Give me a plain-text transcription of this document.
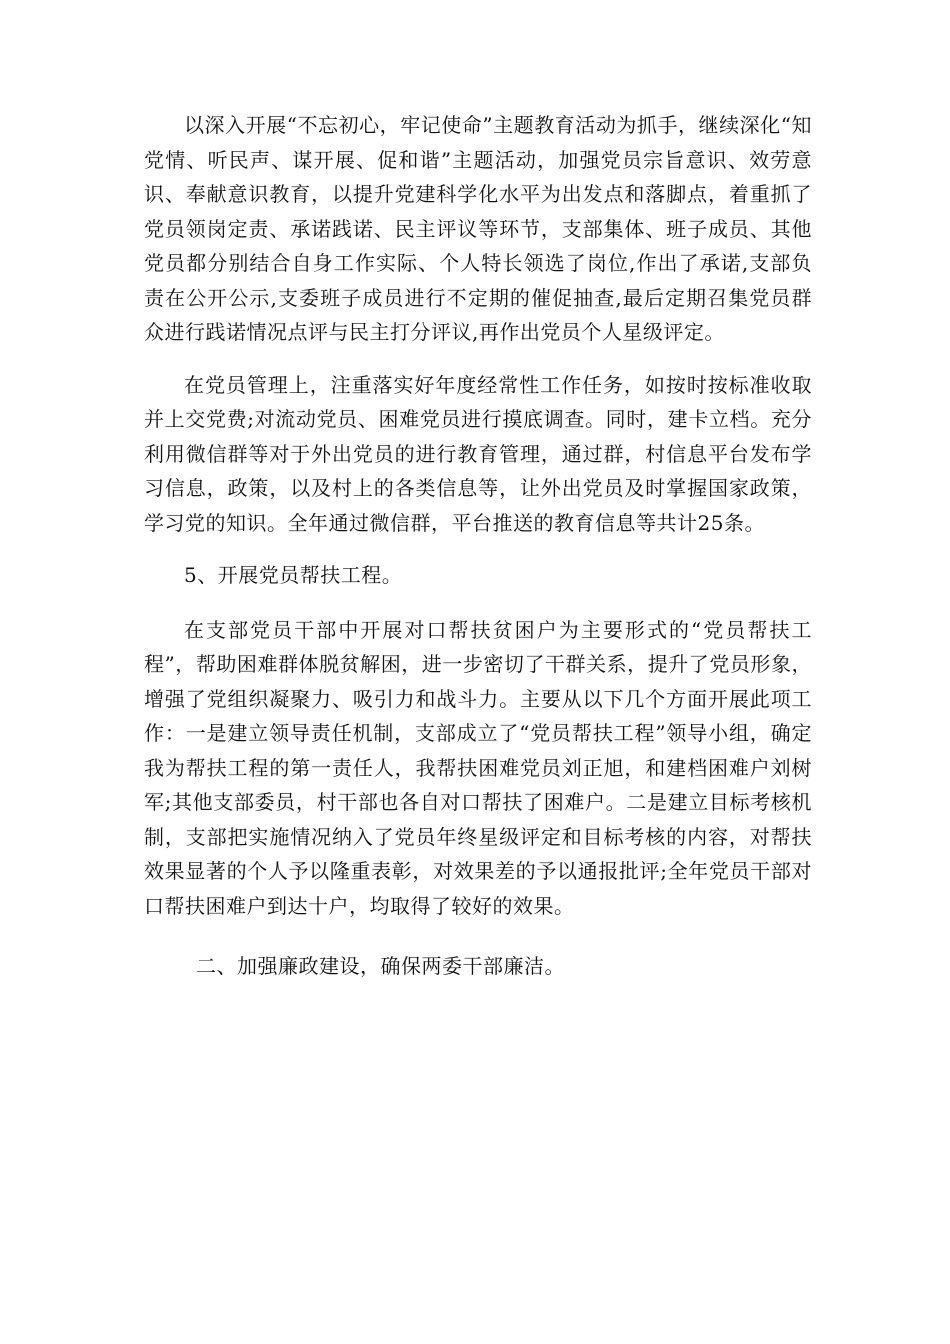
以深入开展“不忘初心，牢记使命”主题教育活动为抓手，继续深化“知党情、听民声、谋开展、促和谐”主题活动，加强党员宗旨意识、效劳意识、奉献意识教育，以提升党建科学化水平为出发点和落脚点，着重抓了党员领岗定责、承诺践诺、民主评议等环节，支部集体、班子成员、其他党员都分别结合自身工作实际、个人特长领选了岗位,作出了承诺,支部负责在公开公示,支委班子成员进行不定期的催促抽查,最后定期召集党员群众进行践诺情况点评与民主打分评议,再作出党员个人星级评定。

在党员管理上，注重落实好年度经常性工作任务，如按时按标准收取并上交党费;对流动党员、困难党员进行摸底调查。同时，建卡立档。充分利用微信群等对于外出党员的进行教育管理，通过群，村信息平台发布学习信息，政策，以及村上的各类信息等，让外出党员及时掌握国家政策，学习党的知识。全年通过微信群，平台推送的教育信息等共计25条。

5、开展党员帮扶工程。

在支部党员干部中开展对口帮扶贫困户为主要形式的“党员帮扶工程”，帮助困难群体脱贫解困，进一步密切了干群关系，提升了党员形象，增强了党组织凝聚力、吸引力和战斗力。主要从以下几个方面开展此项工作：一是建立领导责任机制，支部成立了“党员帮扶工程”领导小组，确定我为帮扶工程的第一责任人，我帮扶困难党员刘正旭，和建档困难户刘树军;其他支部委员，村干部也各自对口帮扶了困难户。二是建立目标考核机制，支部把实施情况纳入了党员年终星级评定和目标考核的内容，对帮扶效果显著的个人予以隆重表彰，对效果差的予以通报批评;全年党员干部对口帮扶困难户到达十户，均取得了较好的效果。

二、加强廉政建设，确保两委干部廉洁。
